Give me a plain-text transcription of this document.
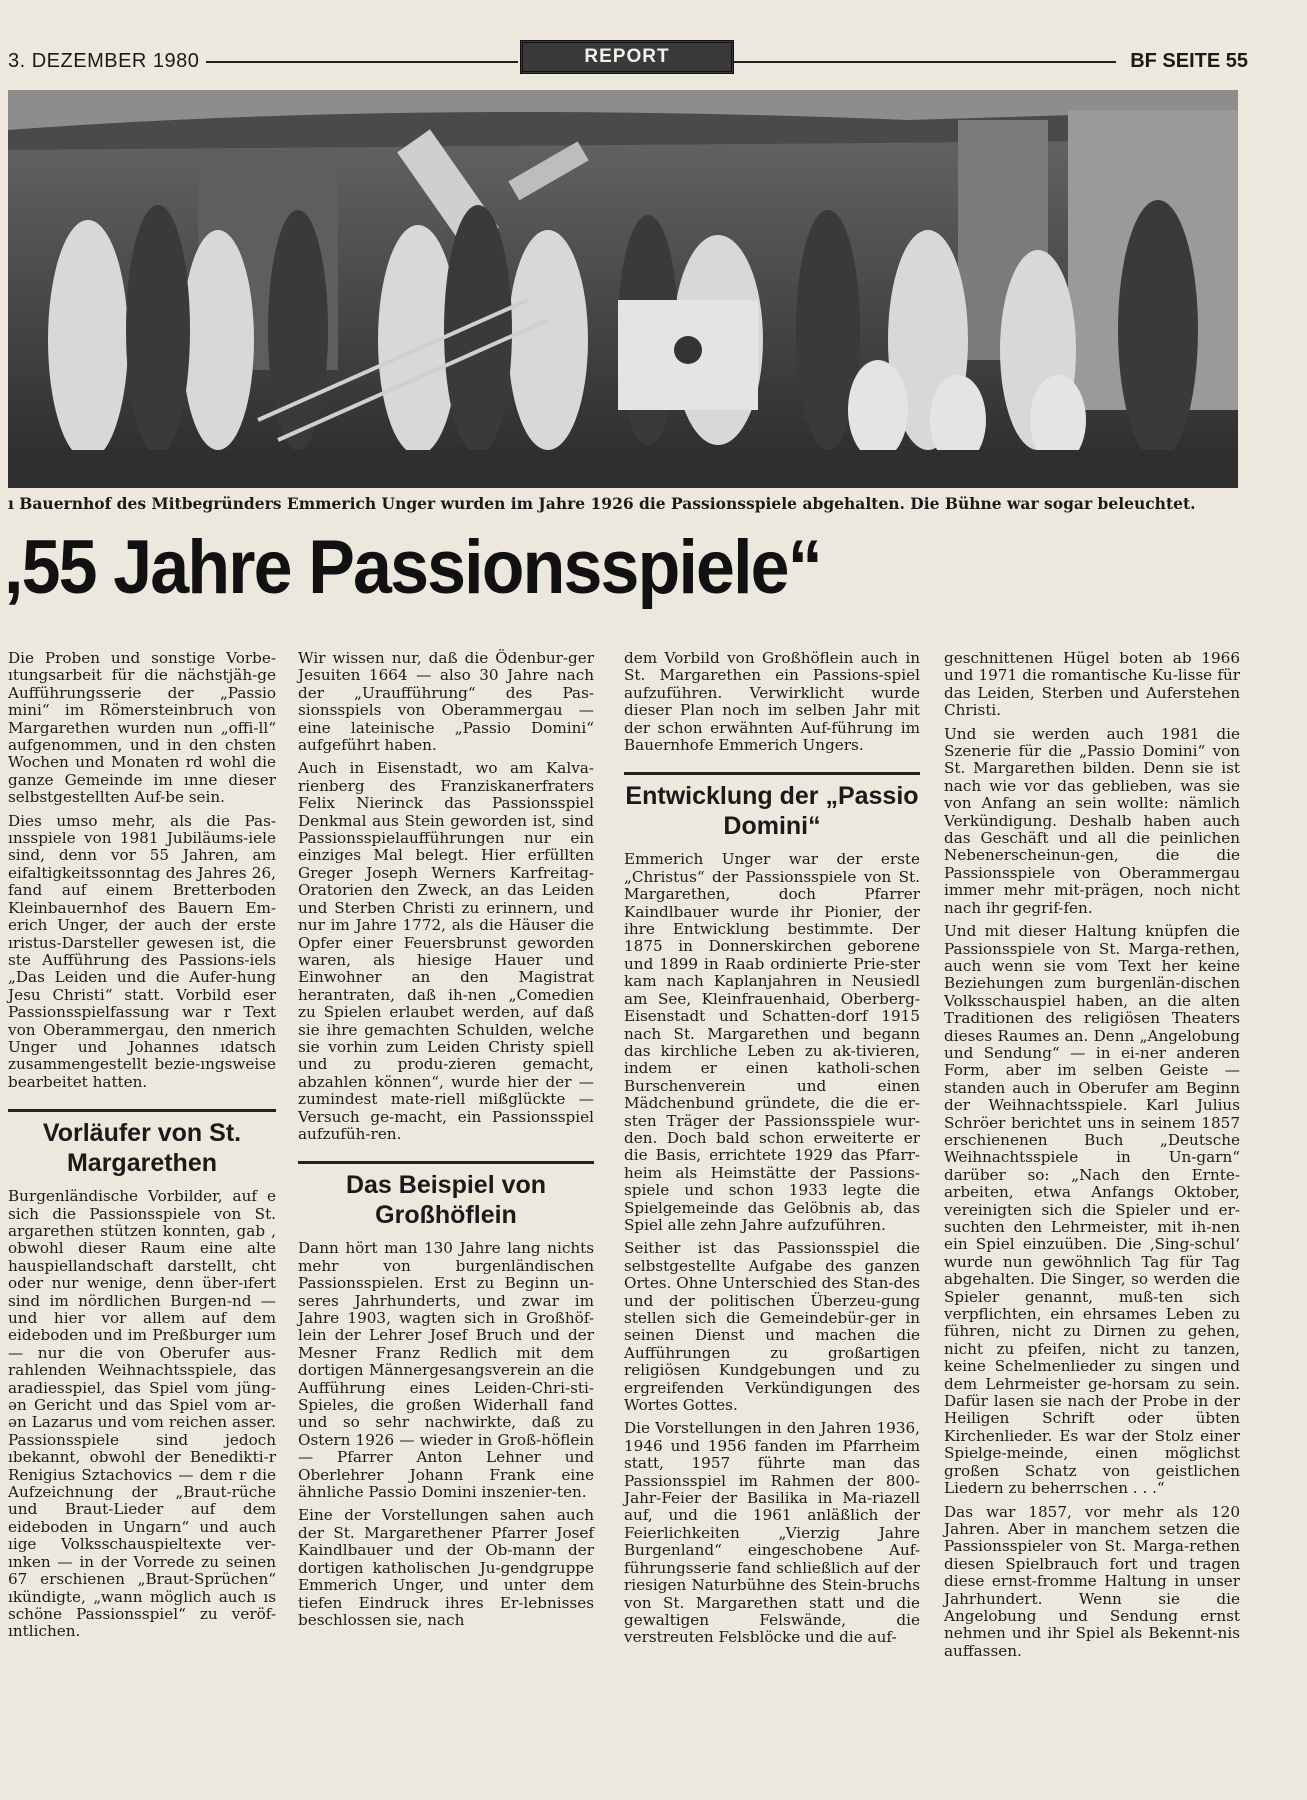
3. DEZEMBER 1980	REPORT	BF SEITE 55
ı Bauernhof des Mitbegründers Emmerich Unger wurden im Jahre 1926 die Passionsspiele abgehalten. Die Bühne war sogar beleuchtet.
,55 Jahre Passionsspiele“

Die Proben und sonstige Vorbe-ıtungsarbeit für die nächstjäh-ge Aufführungsserie der „Passio mini“ im Römersteinbruch von Margarethen wurden nun „offi-ll“ aufgenommen, und in den chsten Wochen und Monaten rd wohl die ganze Gemeinde im ınne dieser selbstgestellten Auf-be sein.

Dies umso mehr, als die Pas-ınsspiele von 1981 Jubiläums-iele sind, denn vor 55 Jahren, am eifaltigkeitssonntag des Jahres 26, fand auf einem Bretterboden Kleinbauernhof des Bauern Em-erich Unger, der auch der erste ıristus-Darsteller gewesen ist, die ste Aufführung des Passions-iels „Das Leiden und die Aufer-hung Jesu Christi“ statt. Vorbild eser Passionsspielfassung war r Text von Oberammergau, den nmerich Unger und Johannes ıdatsch zusammengestellt bezie-ıngsweise bearbeitet hatten.

Vorläufer von St. Margarethen

Burgenländische Vorbilder, auf e sich die Passionsspiele von St. argarethen stützen konnten, gab , obwohl dieser Raum eine alte hauspiellandschaft darstellt, cht oder nur wenige, denn über-ıfert sind im nördlichen Burgen-nd — und hier vor allem auf dem eideboden und im Preßburger ıum — nur die von Oberufer aus-rahlenden Weihnachtsspiele, das aradiesspiel, das Spiel vom jüng-ən Gericht und das Spiel vom ar-ən Lazarus und vom reichen asser. Passionsspiele sind jedoch ıbekannt, obwohl der Benedikti-r Renigius Sztachovics — dem r die Aufzeichnung der „Braut-rüche und Braut-Lieder auf dem eideboden in Ungarn“ und auch ıige Volksschauspieltexte ver-ınken — in der Vorrede zu seinen 67 erschienen „Braut-Sprüchen“ ıkündigte, „wann möglich auch ıs schöne Passionsspiel“ zu veröf-ıntlichen.

Wir wissen nur, daß die Ödenbur-ger Jesuiten 1664 — also 30 Jahre nach der „Uraufführung“ des Pas-sionsspiels von Oberammergau — eine lateinische „Passio Domini“ aufgeführt haben.

Auch in Eisenstadt, wo am Kalva-rienberg des Franziskanerfraters Felix Nierinck das Passionsspiel Denkmal aus Stein geworden ist, sind Passionsspielaufführungen nur ein einziges Mal belegt. Hier erfüllten Greger Joseph Werners Karfreitag-Oratorien den Zweck, an das Leiden und Sterben Christi zu erinnern, und nur im Jahre 1772, als die Häuser die Opfer einer Feuersbrunst geworden waren, als hiesige Hauer und Einwohner an den Magistrat herantraten, daß ih-nen „Comedien zu Spielen erlaubet werden, auf daß sie ihre gemachten Schulden, welche sie vorhin zum Leiden Christy spiell und zu produ-zieren gemacht, abzahlen können“, wurde hier der — zumindest mate-riell mißglückte — Versuch ge-macht, ein Passionsspiel aufzufüh-ren.

Das Beispiel von Großhöflein

Dann hört man 130 Jahre lang nichts mehr von burgenländischen Passionsspielen. Erst zu Beginn un-seres Jahrhunderts, und zwar im Jahre 1903, wagten sich in Großhöf-lein der Lehrer Josef Bruch und der Mesner Franz Redlich mit dem dortigen Männergesangsverein an die Aufführung eines Leiden-Chri-sti-Spieles, die großen Widerhall fand und so sehr nachwirkte, daß zu Ostern 1926 — wieder in Groß-höflein — Pfarrer Anton Lehner und Oberlehrer Johann Frank eine ähnliche Passio Domini inszenier-ten.

Eine der Vorstellungen sahen auch der St. Margarethener Pfarrer Josef Kaindlbauer und der Ob-mann der dortigen katholischen Ju-gendgruppe Emmerich Unger, und unter dem tiefen Eindruck ihres Er-lebnisses beschlossen sie, nach

dem Vorbild von Großhöflein auch in St. Margarethen ein Passions-spiel aufzuführen. Verwirklicht wurde dieser Plan noch im selben Jahr mit der schon erwähnten Auf-führung im Bauernhofe Emmerich Ungers.

Entwicklung der „Passio Domini“

Emmerich Unger war der erste „Christus“ der Passionsspiele von St. Margarethen, doch Pfarrer Kaindlbauer wurde ihr Pionier, der ihre Entwicklung bestimmte. Der 1875 in Donnerskirchen geborene und 1899 in Raab ordinierte Prie-ster kam nach Kaplanjahren in Neusiedl am See, Kleinfrauenhaid, Oberberg-Eisenstadt und Schatten-dorf 1915 nach St. Margarethen und begann das kirchliche Leben zu ak-tivieren, indem er einen katholi-schen Burschenverein und einen Mädchenbund gründete, die die er-sten Träger der Passionsspiele wur-den. Doch bald schon erweiterte er die Basis, errichtete 1929 das Pfarr-heim als Heimstätte der Passions-spiele und schon 1933 legte die Spielgemeinde das Gelöbnis ab, das Spiel alle zehn Jahre aufzuführen.

Seither ist das Passionsspiel die selbstgestellte Aufgabe des ganzen Ortes. Ohne Unterschied des Stan-des und der politischen Überzeu-gung stellen sich die Gemeindebür-ger in seinen Dienst und machen die Aufführungen zu großartigen religiösen Kundgebungen und zu ergreifenden Verkündigungen des Wortes Gottes.

Die Vorstellungen in den Jahren 1936, 1946 und 1956 fanden im Pfarrheim statt, 1957 führte man das Passionsspiel im Rahmen der 800-Jahr-Feier der Basilika in Ma-riazell auf, und die 1961 anläßlich der Feierlichkeiten „Vierzig Jahre Burgenland“ eingeschobene Auf-führungsserie fand schließlich auf der riesigen Naturbühne des Stein-bruchs von St. Margarethen statt und die gewaltigen Felswände, die verstreuten Felsblöcke und die auf-

geschnittenen Hügel boten ab 1966 und 1971 die romantische Ku-lisse für das Leiden, Sterben und Auferstehen Christi.

Und sie werden auch 1981 die Szenerie für die „Passio Domini“ von St. Margarethen bilden. Denn sie ist nach wie vor das geblieben, was sie von Anfang an sein wollte: nämlich Verkündigung. Deshalb haben auch das Geschäft und all die peinlichen Nebenerscheinun-gen, die die Passionsspiele von Oberammergau immer mehr mit-prägen, noch nicht nach ihr gegrif-fen.

Und mit dieser Haltung knüpfen die Passionsspiele von St. Marga-rethen, auch wenn sie vom Text her keine Beziehungen zum burgenlän-dischen Volksschauspiel haben, an die alten Traditionen des religiösen Theaters dieses Raumes an. Denn „Angelobung und Sendung“ — in ei-ner anderen Form, aber im selben Geiste — standen auch in Oberufer am Beginn der Weihnachtsspiele. Karl Julius Schröer berichtet uns in seinem 1857 erschienenen Buch „Deutsche Weihnachtsspiele in Un-garn“ darüber so: „Nach den Ernte-arbeiten, etwa Anfangs Oktober, vereinigten sich die Spieler und er-suchten den Lehrmeister, mit ih-nen ein Spiel einzuüben. Die ‚Sing-schul‘ wurde nun gewöhnlich Tag für Tag abgehalten. Die Singer, so werden die Spieler genannt, muß-ten sich verpflichten, ein ehrsames Leben zu führen, nicht zu Dirnen zu gehen, nicht zu pfeifen, nicht zu tanzen, keine Schelmenlieder zu singen und dem Lehrmeister ge-horsam zu sein. Dafür lasen sie nach der Probe in der Heiligen Schrift oder übten Kirchenlieder. Es war der Stolz einer Spielge-meinde, einen möglichst großen Schatz von geistlichen Liedern zu beherrschen . . .“

Das war 1857, vor mehr als 120 Jahren. Aber in manchem setzen die Passionsspieler von St. Marga-rethen diesen Spielbrauch fort und tragen diese ernst-fromme Haltung in unser Jahrhundert. Wenn sie die Angelobung und Sendung ernst nehmen und ihr Spiel als Bekennt-nis auffassen.
